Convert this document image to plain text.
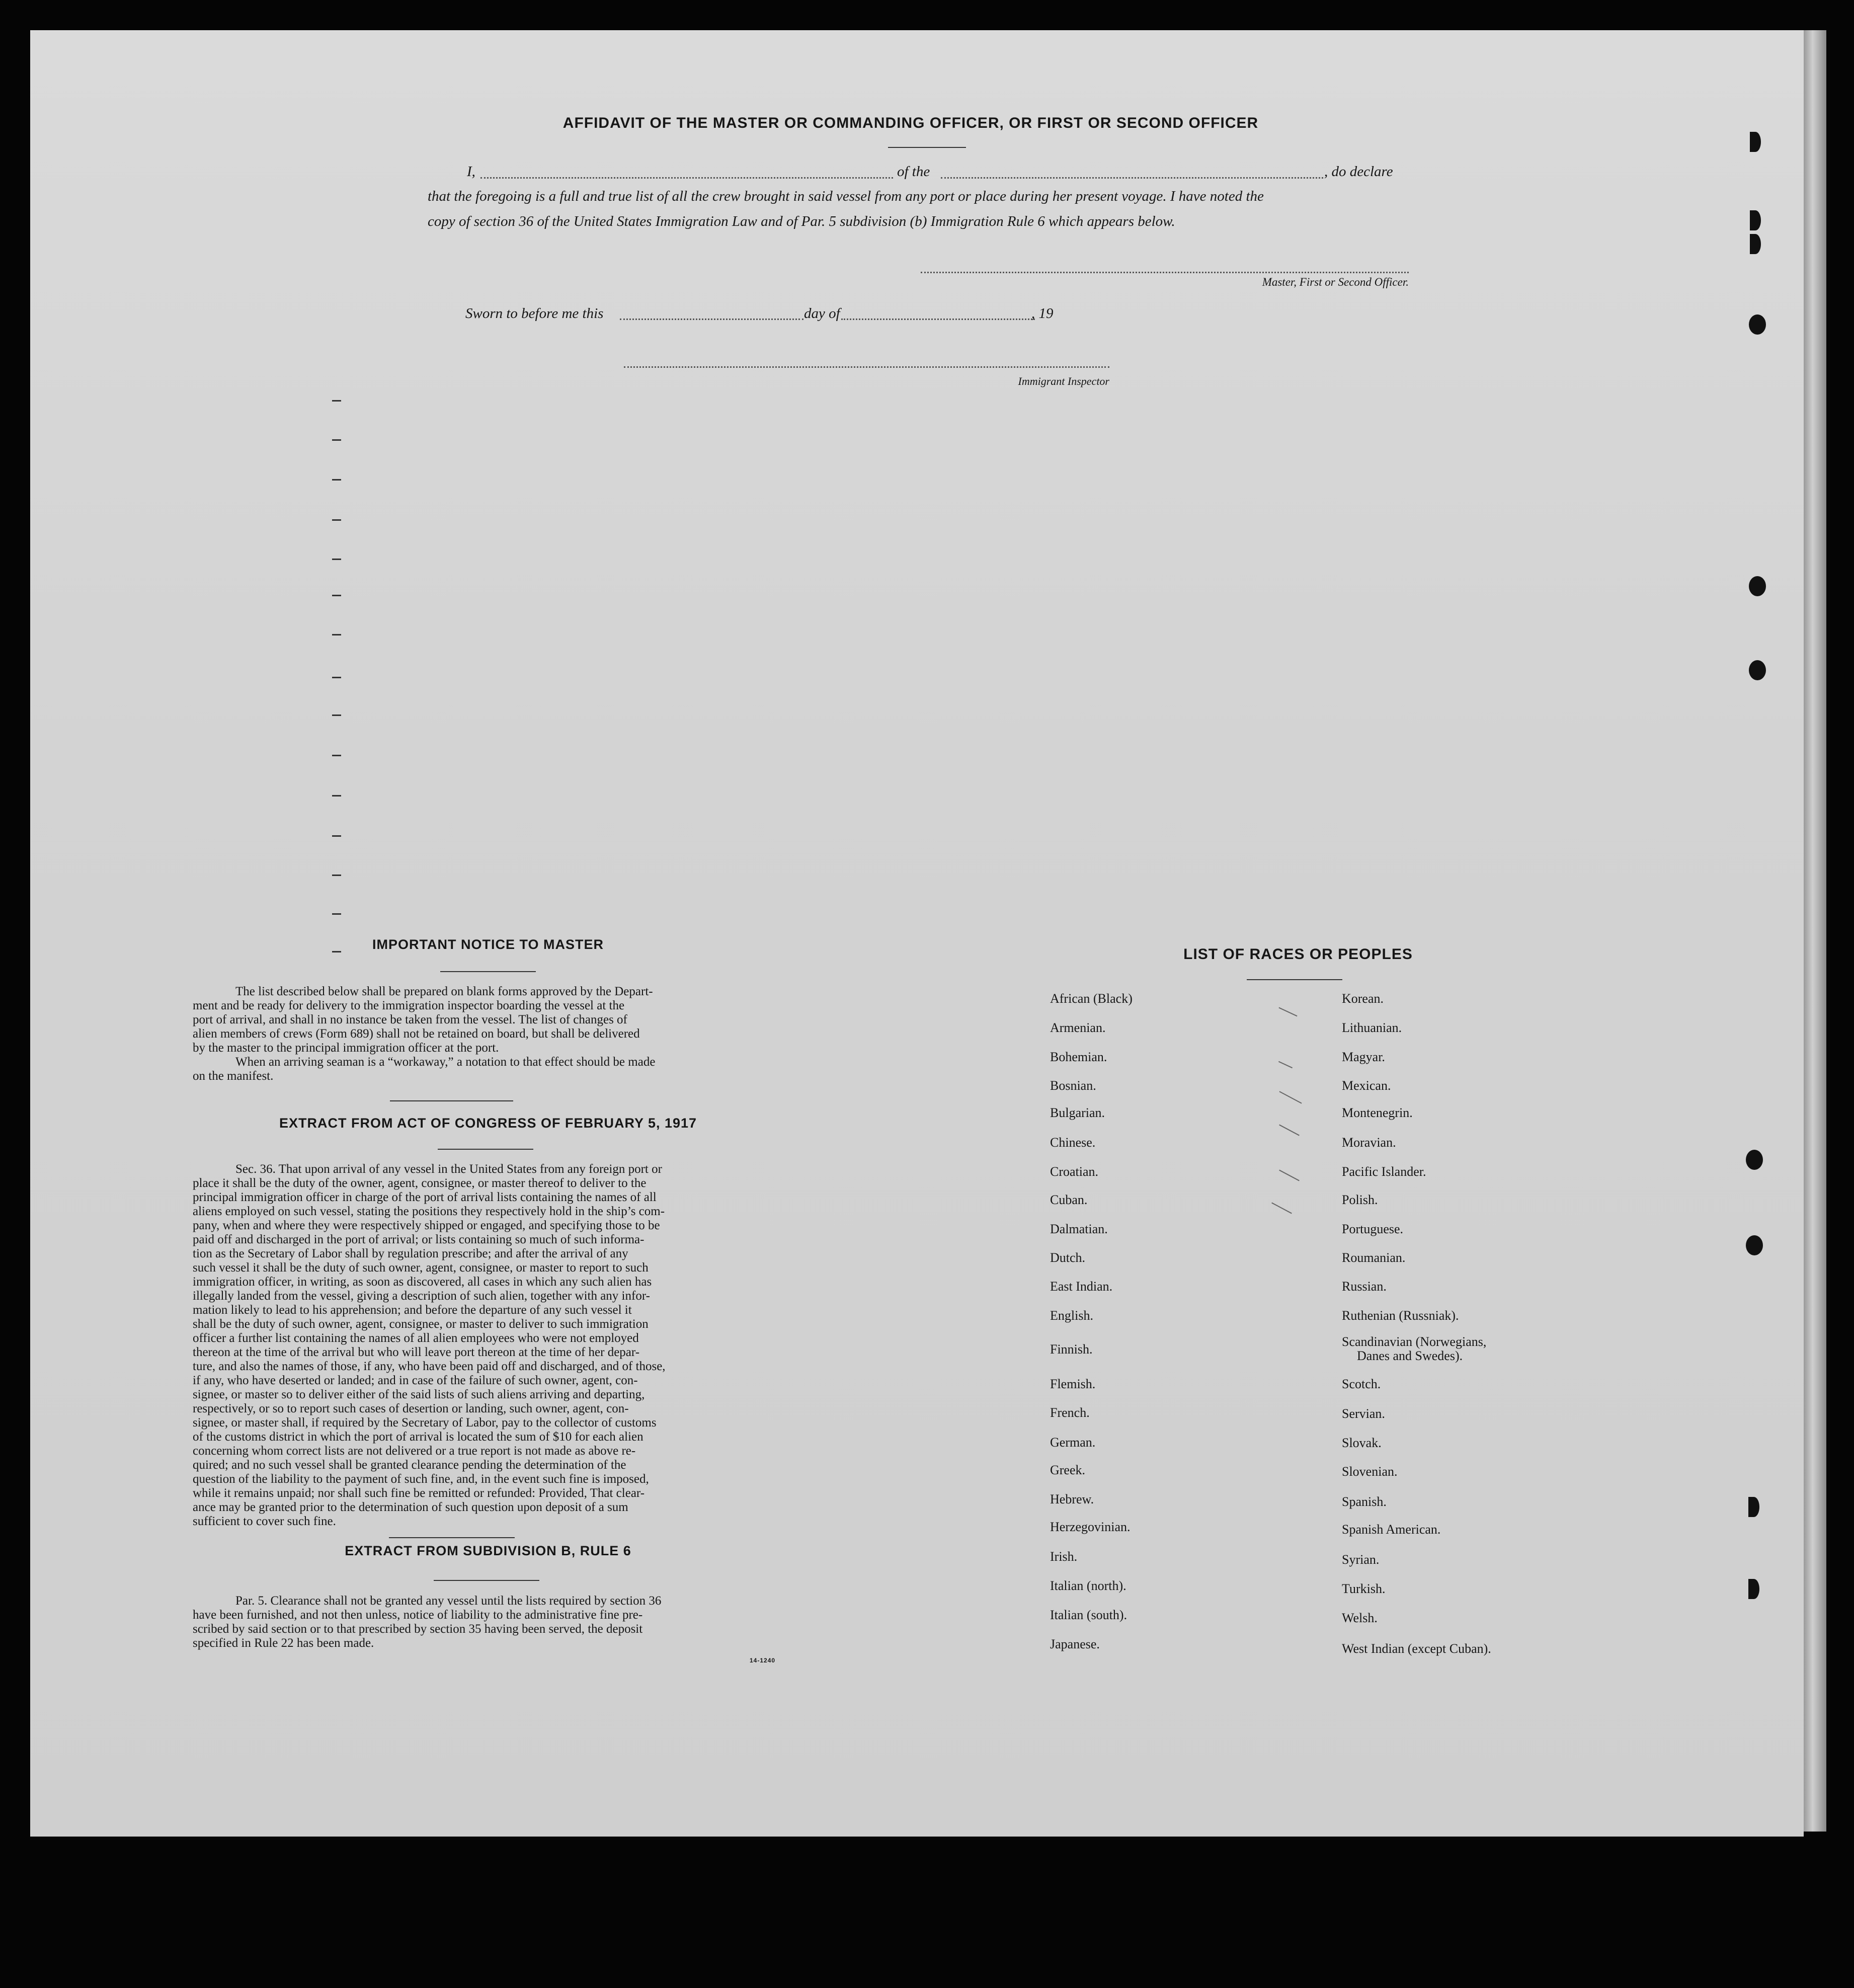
AFFIDAVIT OF THE MASTER OR COMMANDING OFFICER, OR FIRST OR SECOND OFFICER
I,	of the	, do declare
that the foregoing is a full and true list of all the crew brought in said vessel from any port or place during her present voyage. I have noted the
copy of section 36 of the United States Immigration Law and of Par. 5 subdivision (b) Immigration Rule 6 which appears below.
Master, First or Second Officer.
Sworn to before me this	day of	, 19
Immigrant Inspector
IMPORTANT NOTICE TO MASTER
The list described below shall be prepared on blank forms approved by the Depart-
ment and be ready for delivery to the immigration inspector boarding the vessel at the
port of arrival, and shall in no instance be taken from the vessel. The list of changes of
alien members of crews (Form 689) shall not be retained on board, but shall be delivered
by the master to the principal immigration officer at the port.
When an arriving seaman is a “workaway,” a notation to that effect should be made
on the manifest.
EXTRACT FROM ACT OF CONGRESS OF FEBRUARY 5, 1917
Sec. 36. That upon arrival of any vessel in the United States from any foreign port or
place it shall be the duty of the owner, agent, consignee, or master thereof to deliver to the
principal immigration officer in charge of the port of arrival lists containing the names of all
aliens employed on such vessel, stating the positions they respectively hold in the ship’s com-
pany, when and where they were respectively shipped or engaged, and specifying those to be
paid off and discharged in the port of arrival; or lists containing so much of such informa-
tion as the Secretary of Labor shall by regulation prescribe; and after the arrival of any
such vessel it shall be the duty of such owner, agent, consignee, or master to report to such
immigration officer, in writing, as soon as discovered, all cases in which any such alien has
illegally landed from the vessel, giving a description of such alien, together with any infor-
mation likely to lead to his apprehension; and before the departure of any such vessel it
shall be the duty of such owner, agent, consignee, or master to deliver to such immigration
officer a further list containing the names of all alien employees who were not employed
thereon at the time of the arrival but who will leave port thereon at the time of her depar-
ture, and also the names of those, if any, who have been paid off and discharged, and of those,
if any, who have deserted or landed; and in case of the failure of such owner, agent, con-
signee, or master so to deliver either of the said lists of such aliens arriving and departing,
respectively, or so to report such cases of desertion or landing, such owner, agent, con-
signee, or master shall, if required by the Secretary of Labor, pay to the collector of customs
of the customs district in which the port of arrival is located the sum of $10 for each alien
concerning whom correct lists are not delivered or a true report is not made as above re-
quired; and no such vessel shall be granted clearance pending the determination of the
question of the liability to the payment of such fine, and, in the event such fine is imposed,
while it remains unpaid; nor shall such fine be remitted or refunded: Provided, That clear-
ance may be granted prior to the determination of such question upon deposit of a sum
sufficient to cover such fine.
EXTRACT FROM SUBDIVISION B, RULE 6
Par. 5. Clearance shall not be granted any vessel until the lists required by section 36
have been furnished, and not then unless, notice of liability to the administrative fine pre-
scribed by said section or to that prescribed by section 35 having been served, the deposit
specified in Rule 22 has been made.
14-1240
LIST OF RACES OR PEOPLES
African (Black)
Armenian.
Bohemian.
Bosnian.
Bulgarian.
Chinese.
Croatian.
Cuban.
Dalmatian.
Dutch.
East Indian.
English.
Finnish.
Flemish.
French.
German.
Greek.
Hebrew.
Herzegovinian.
Irish.
Italian (north).
Italian (south).
Japanese.
Korean.
Lithuanian.
Magyar.
Mexican.
Montenegrin.
Moravian.
Pacific Islander.
Polish.
Portuguese.
Roumanian.
Russian.
Ruthenian (Russniak).
Scandinavian (Norwegians,
Danes and Swedes).
Scotch.
Servian.
Slovak.
Slovenian.
Spanish.
Spanish American.
Syrian.
Turkish.
Welsh.
West Indian (except Cuban).
